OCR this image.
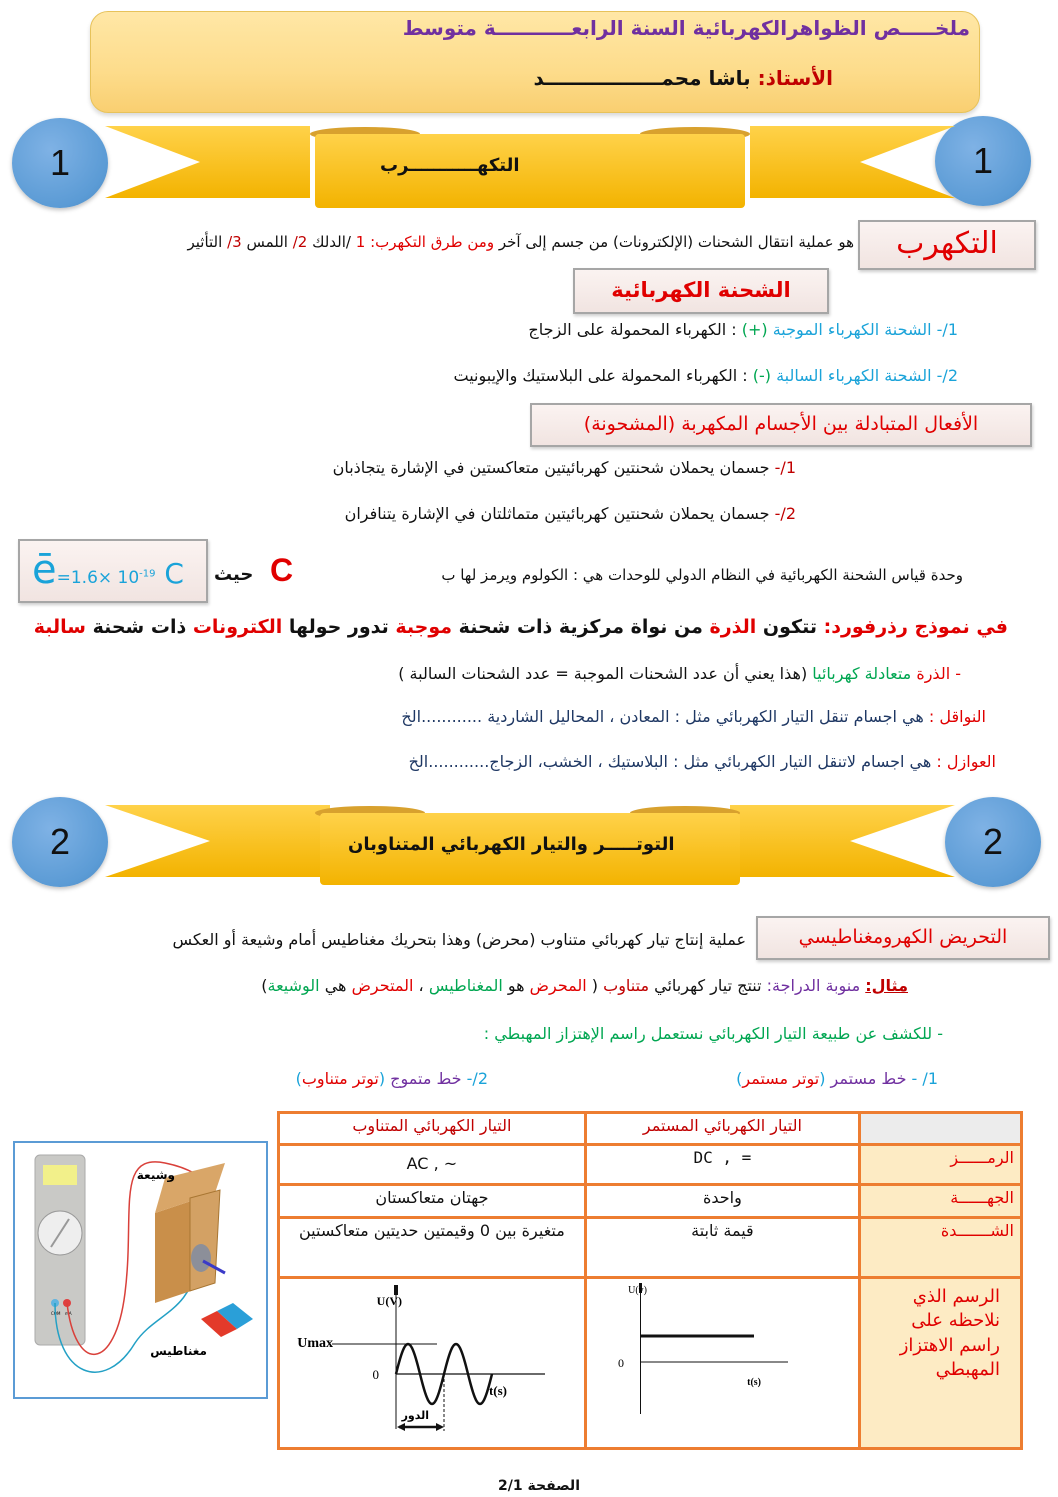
ملخـــــص الظواهرالكهربائية السنة الرابعـــــــــــة متوسط
الأستاذ: باشا محمـــــــــــــــــد
1	1
التكهـــــــــــرب
التكهرب
هو عملية انتقال الشحنات (الإلكترونات) من جسم إلى آخر ومن طرق التكهرب: 1 /الدلك 2/ اللمس 3/ التأثير
الشحنة الكهربائية
1/- الشحنة الكهرباء الموجبة (+) : الكهرباء المحمولة على الزجاج
2/- الشحنة الكهرباء السالبة (-) : الكهرباء المحمولة على البلاستيك والإيبونيت
الأفعال المتبادلة بين الأجسام المكهربة (المشحونة)
1/- جسمان يحملان شحنتين كهربائيتين متعاكستين في الإشارة يتجاذبان
2/- جسمان يحملان شحنتين كهربائيتين متماثلتان في الإشارة يتنافران
ē=1.6× $10^{-19}$ C	وحدة قياس الشحنة الكهربائية في النظام الدولي للوحدات هي : الكولوم ويرمز لها ب
C
حيث
في نموذج رذرفورد: تتكون الذرة من نواة مركزية ذات شحنة موجبة تدور حولها الكترونات ذات شحنة سالبة
- الذرة متعادلة كهربائيا (هذا يعني أن عدد الشحنات الموجبة = عدد الشحنات السالبة )
النواقل : هي اجسام تنقل التيار الكهربائي مثل : المعادن ، المحاليل الشاردية ............الخ
العوازل : هي اجسام لاتنقل التيار الكهربائي مثل : البلاستيك ، الخشب، الزجاج............الخ
2	2
التوتـــــر والتيار الكهربائي المتناوبان
التحريض الكهرومغناطيسي
عملية إنتاج تيار كهربائي متناوب (محرض) وهذا بتحريك مغناطيس أمام وشيعة أو العكس
مثال: منوبة الدراجة: تنتج تيار كهربائي متناوب ( المحرض هو المغناطيس ، المتحرض هي الوشيعة)
- للكشف عن طبيعة التيار الكهربائي نستعمل راسم الإهتزاز المهبطي :
1/ - خط مستمر (توتر مستمر)
2/- خط متموج (توتر متناوب)
COM mA
وشيعة
مغناطيس
	التيار الكهربائي المستمر	التيار الكهربائي المتناوب
الرمــــــز	DC , =	AC , ~
الجهــــــة	واحدة	جهتان متعاكستان
الشـــــــدة	قيمة ثابتة	متغيرة بين 0 وقيمتين حديتين متعاكستين
الرسم الذي نلاحظه على راسم الاهتزاز المهبطي	U(v)
0
t(s)	U(V)
Umax
0
t(s)
الدور
الصفحة 2/1
